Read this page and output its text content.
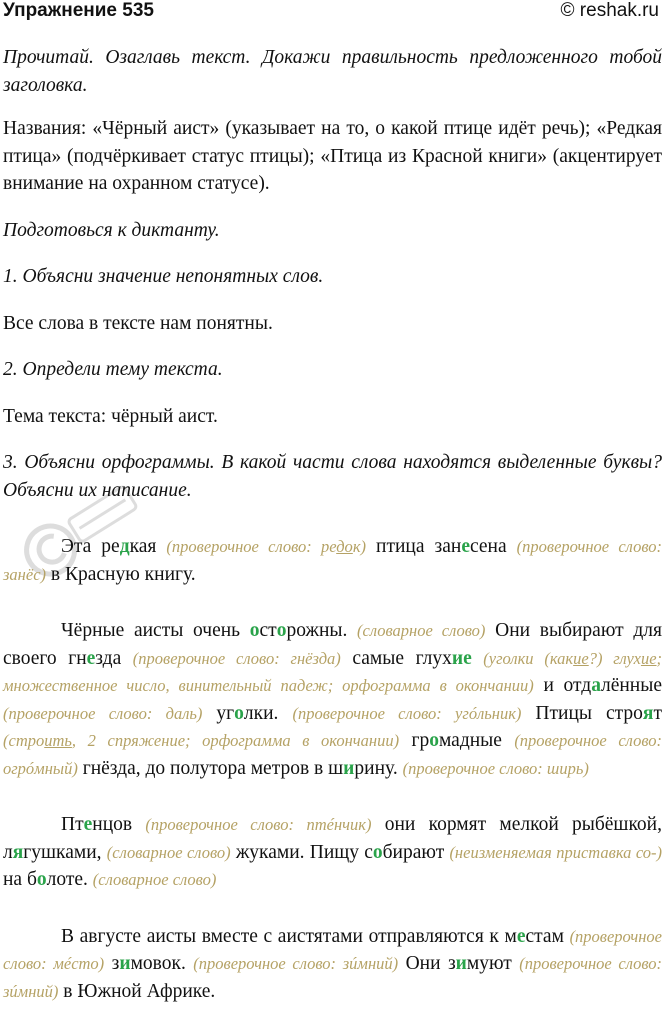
Упражнение 535	© reshak.ru

Прочитай. Озаглавь текст. Докажи правильность предложенного тобой заголовка.

Названия: «Чёрный аист» (указывает на то, о какой птице идёт речь); «Редкая птица» (подчёркивает статус птицы); «Птица из Красной книги» (акцентирует внимание на охранном статусе).

Подготовься к диктанту.

1. Объясни значение непонятных слов.

Все слова в тексте нам понятны.

2. Определи тему текста.

Тема текста: чёрный аист.

3. Объясни орфограммы. В какой части слова находятся выделенные буквы? Объясни их написание.

Эта редкая (проверочное слово: редок) птица занесена (проверочное слово: занёс) в Красную книгу.

Чёрные аисты очень осторожны. (словарное слово) Они выбирают для своего гнезда (проверочное слово: гнёзда) самые глухие (уголки (какие?) глухие; множественное число, винительный падеж; орфограмма в окончании) и отдалённые (проверочное слово: даль) уголки. (проверочное слово: угóльник) Птицы строят (строить, 2 спряжение; орфограмма в окончании) громадные (проверочное слово: огрóмный) гнёзда, до полутора метров в ширину. (проверочное слово: ширь)

Птенцов (проверочное слово: птéнчик) они кормят мелкой рыбёшкой, лягушками, (словарное слово) жуками. Пищу собирают (неизменяемая приставка со-) на болоте. (словарное слово)

В августе аисты вместе с аистятами отправляются к местам (проверочное слово: мéсто) зимовок. (проверочное слово: зúмний) Они зимуют (проверочное слово: зúмний) в Южной Африке.
